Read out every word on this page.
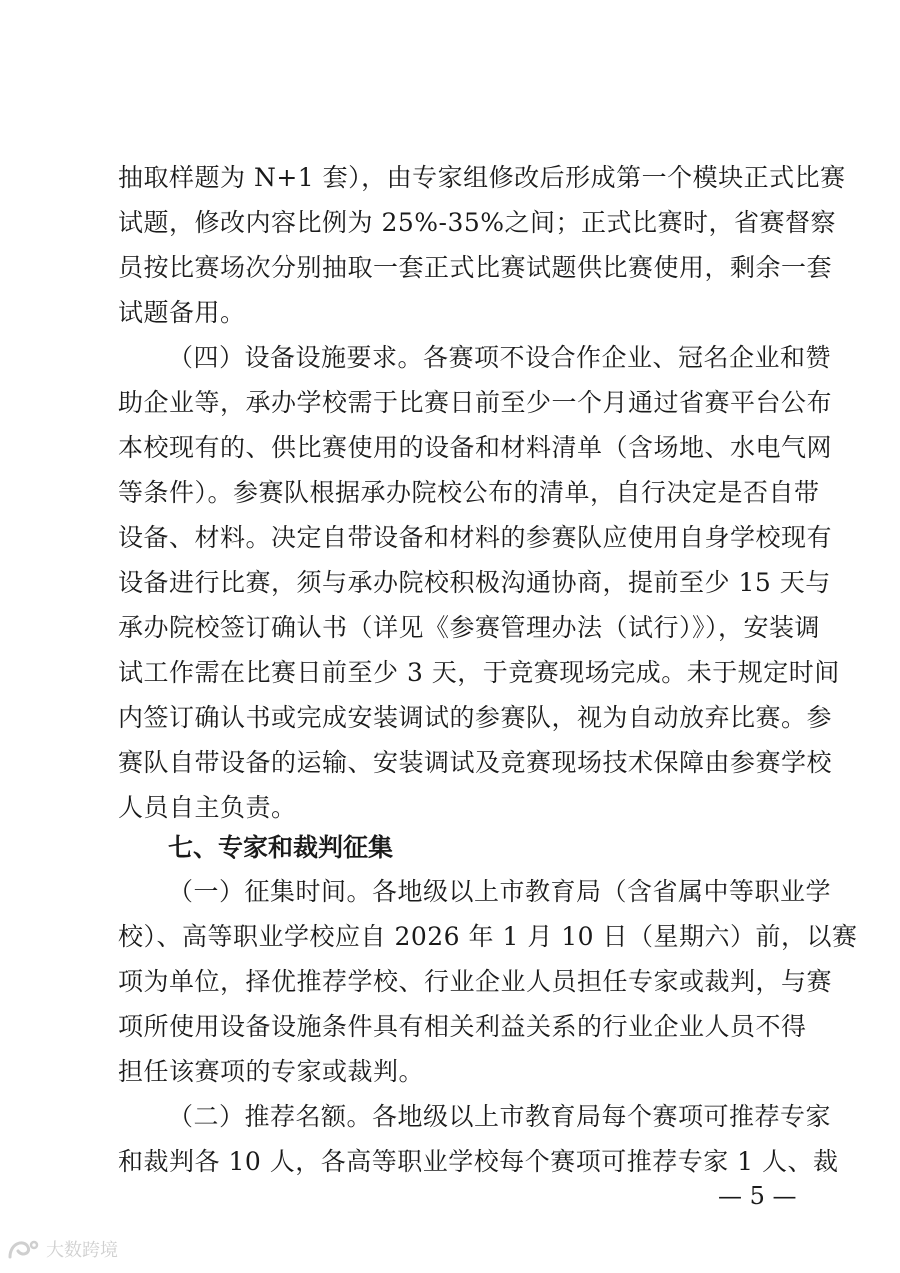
抽取样题为 N+1 套），由专家组修改后形成第一个模块正式比赛
试题，修改内容比例为 25%-35%之间；正式比赛时，省赛督察
员按比赛场次分别抽取一套正式比赛试题供比赛使用，剩余一套
试题备用。
（四）设备设施要求。各赛项不设合作企业、冠名企业和赞
助企业等，承办学校需于比赛日前至少一个月通过省赛平台公布
本校现有的、供比赛使用的设备和材料清单（含场地、水电气网
等条件）。参赛队根据承办院校公布的清单，自行决定是否自带
设备、材料。决定自带设备和材料的参赛队应使用自身学校现有
设备进行比赛，须与承办院校积极沟通协商，提前至少 15 天与
承办院校签订确认书（详见《参赛管理办法（试行）》），安装调
试工作需在比赛日前至少 3 天，于竞赛现场完成。未于规定时间
内签订确认书或完成安装调试的参赛队，视为自动放弃比赛。参
赛队自带设备的运输、安装调试及竞赛现场技术保障由参赛学校
人员自主负责。
七、专家和裁判征集
（一）征集时间。各地级以上市教育局（含省属中等职业学
校）、高等职业学校应自 2026 年 1 月 10 日（星期六）前，以赛
项为单位，择优推荐学校、行业企业人员担任专家或裁判，与赛
项所使用设备设施条件具有相关利益关系的行业企业人员不得
担任该赛项的专家或裁判。
（二）推荐名额。各地级以上市教育局每个赛项可推荐专家
和裁判各 10 人，各高等职业学校每个赛项可推荐专家 1 人、裁
— 5 —
大数跨境
